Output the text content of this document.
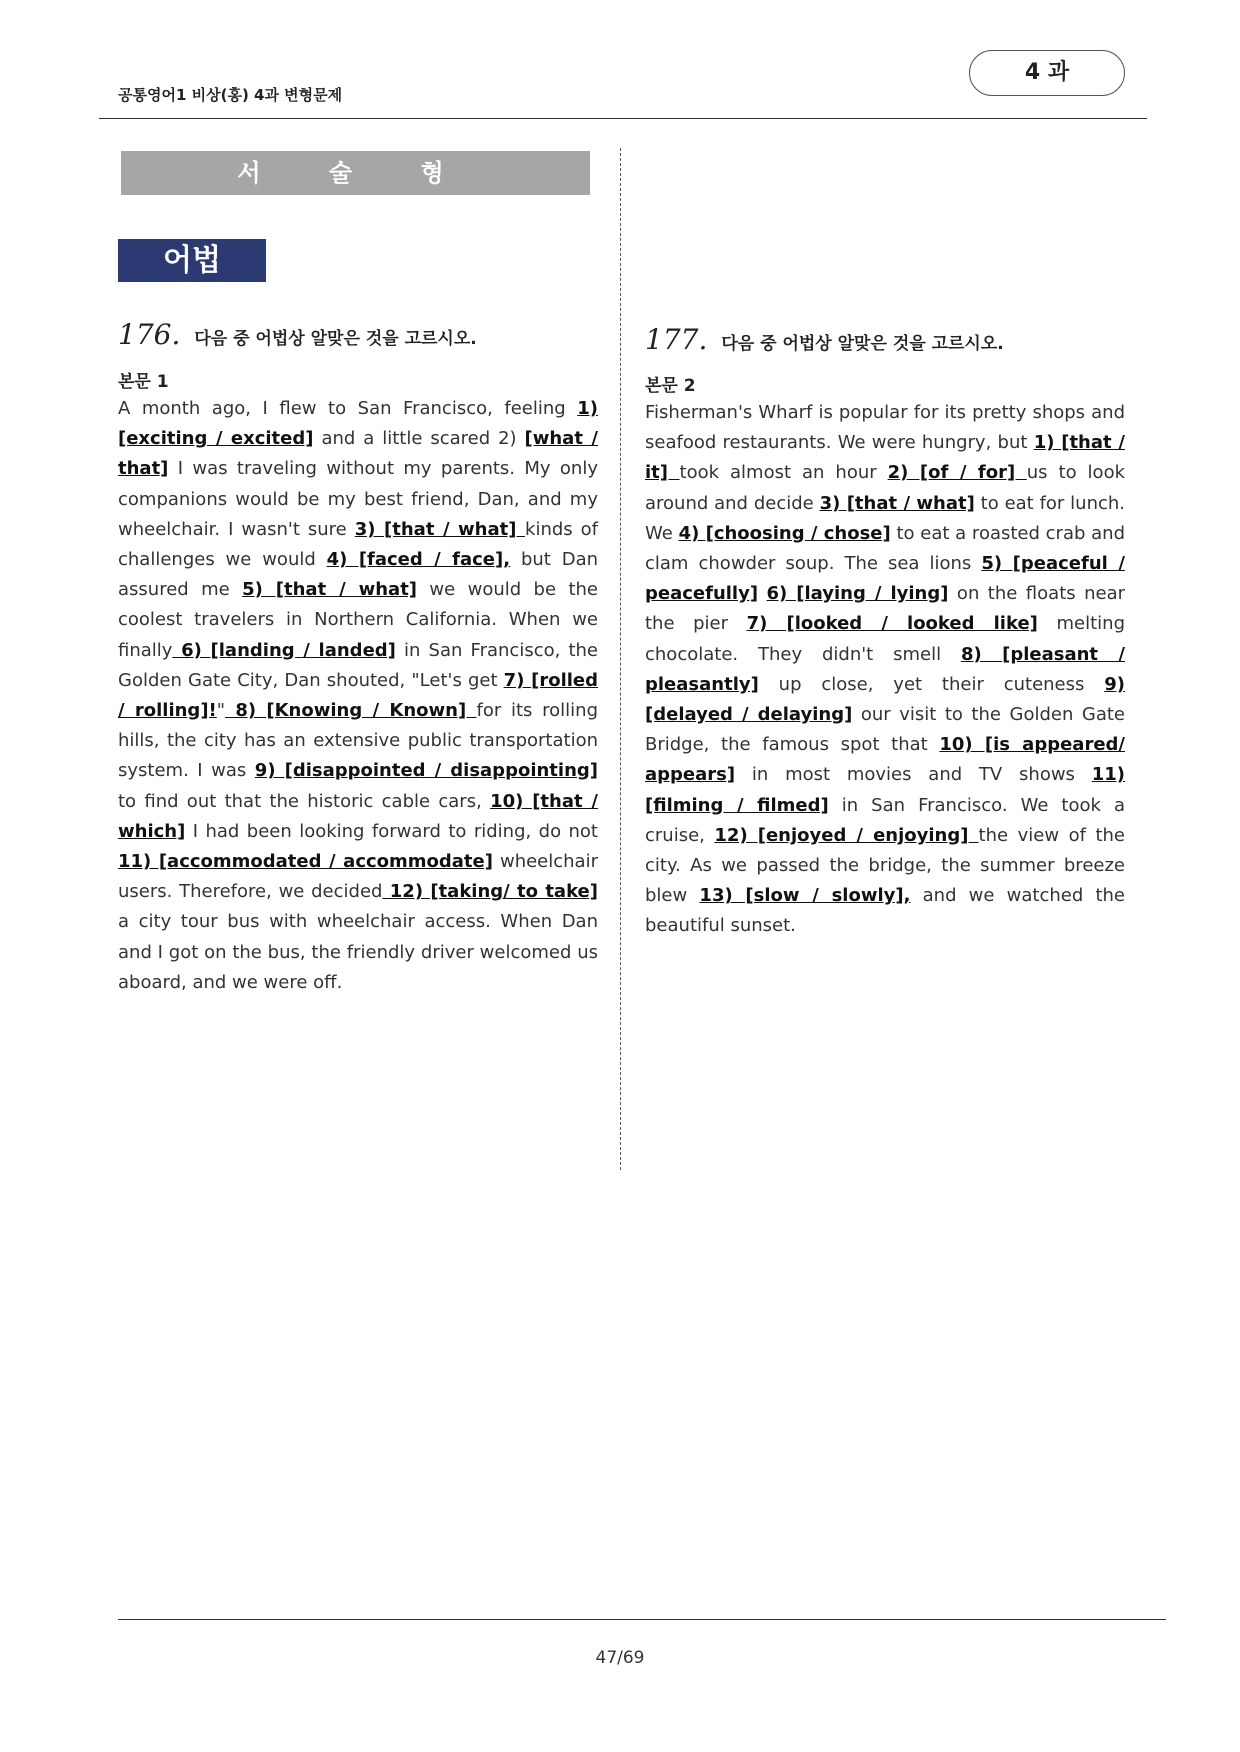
공통영어1 비상(홍) 4과 변형문제
4 과
서 술 형
어법
176. 다음 중 어법상 알맞은 것을 고르시오.
본문 1

A month ago, I flew to San Francisco, feeling 1) [exciting / excited] and a little scared 2) [what / that] I was traveling without my parents. My only companions would be my best friend, Dan, and my wheelchair. I wasn't sure 3) [that / what] kinds of challenges we would 4) [faced / face], but Dan assured me 5) [that / what] we would be the coolest travelers in Northern California. When we finally 6) [landing / landed] in San Francisco, the Golden Gate City, Dan shouted, "Let's get 7) [rolled / rolling]!" 8) [Knowing / Known] for its rolling hills, the city has an extensive public transportation system. I was 9) [disappointed / disappointing] to find out that the historic cable cars, 10) [that / which] I had been looking forward to riding, do not 11) [accommodated / accommodate] wheelchair users. Therefore, we decided 12) [taking/ to take] a city tour bus with wheelchair access. When Dan and I got on the bus, the friendly driver welcomed us aboard, and we were off.

177. 다음 중 어법상 알맞은 것을 고르시오.
본문 2

Fisherman's Wharf is popular for its pretty shops and seafood restaurants. We were hungry, but 1) [that / it] took almost an hour 2) [of / for] us to look around and decide 3) [that / what] to eat for lunch. We 4) [choosing / chose] to eat a roasted crab and clam chowder soup. The sea lions 5) [peaceful / peacefully] 6) [laying / lying] on the floats near the pier 7) [looked / looked like] melting chocolate. They didn't smell 8) [pleasant / pleasantly] up close, yet their cuteness 9) [delayed / delaying] our visit to the Golden Gate Bridge, the famous spot that 10) [is appeared/ appears] in most movies and TV shows 11) [filming / filmed] in San Francisco. We took a cruise, 12) [enjoyed / enjoying] the view of the city. As we passed the bridge, the summer breeze blew 13) [slow / slowly], and we watched the beautiful sunset.

47/69
